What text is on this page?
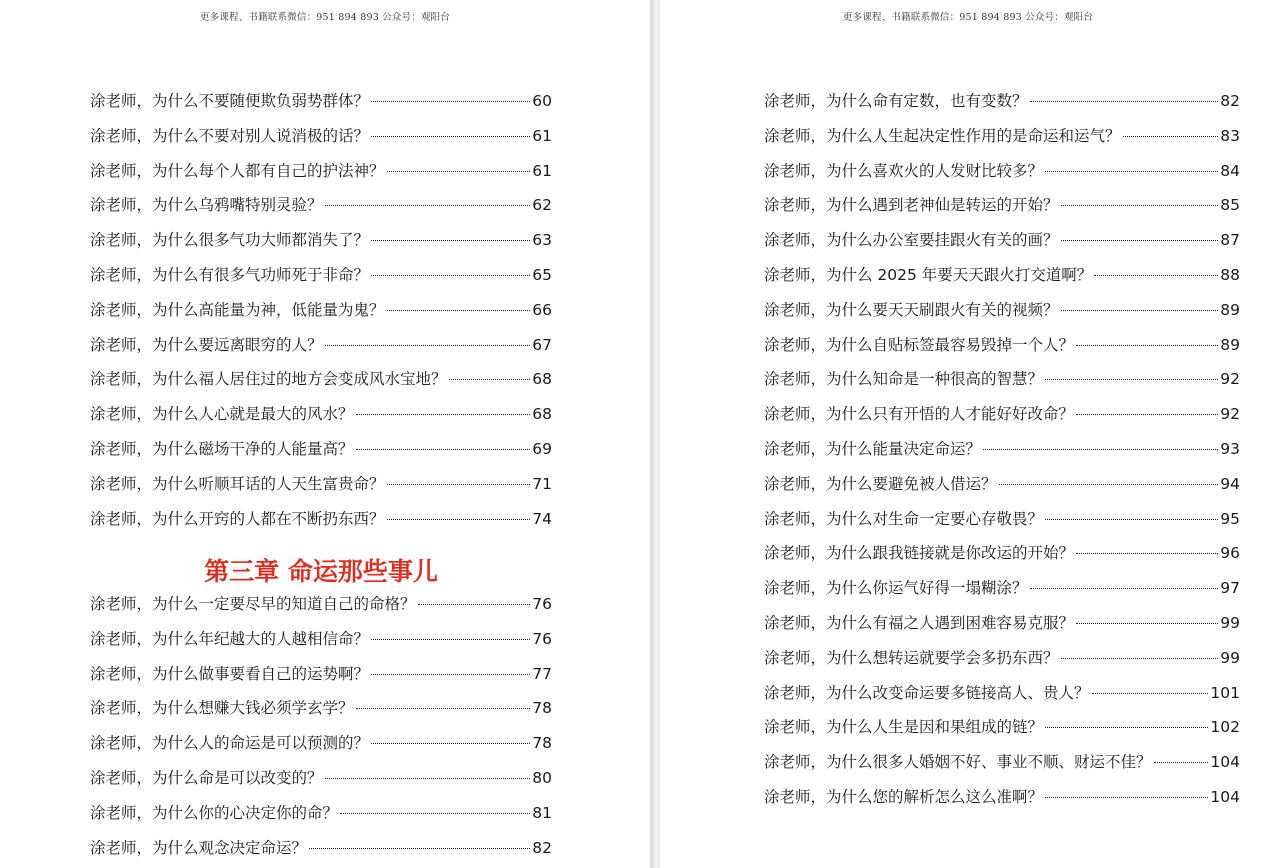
更多课程、书籍联系微信：951 894 893 公众号：观阳台
涂老师，为什么不要随便欺负弱势群体？	60
涂老师，为什么不要对别人说消极的话？	61
涂老师，为什么每个人都有自己的护法神？	61
涂老师，为什么乌鸦嘴特别灵验？	62
涂老师，为什么很多气功大师都消失了？	63
涂老师，为什么有很多气功师死于非命？	65
涂老师，为什么高能量为神，低能量为鬼？	66
涂老师，为什么要远离眼穷的人？	67
涂老师，为什么福人居住过的地方会变成风水宝地？	68
涂老师，为什么人心就是最大的风水？	68
涂老师，为什么磁场干净的人能量高？	69
涂老师，为什么听顺耳话的人天生富贵命？	71
涂老师，为什么开窍的人都在不断扔东西？	74
第三章 命运那些事儿
涂老师，为什么一定要尽早的知道自己的命格？	76
涂老师，为什么年纪越大的人越相信命？	76
涂老师，为什么做事要看自己的运势啊？	77
涂老师，为什么想赚大钱必须学玄学？	78
涂老师，为什么人的命运是可以预测的？	78
涂老师，为什么命是可以改变的？	80
涂老师，为什么你的心决定你的命？	81
涂老师，为什么观念决定命运？	82
更多课程、书籍联系微信：951 894 893 公众号：观阳台
涂老师，为什么命有定数，也有变数？	82
涂老师，为什么人生起决定性作用的是命运和运气？	83
涂老师，为什么喜欢火的人发财比较多？	84
涂老师，为什么遇到老神仙是转运的开始？	85
涂老师，为什么办公室要挂跟火有关的画？	87
涂老师，为什么 2025 年要天天跟火打交道啊？	88
涂老师，为什么要天天刷跟火有关的视频？	89
涂老师，为什么自贴标签最容易毁掉一个人？	89
涂老师，为什么知命是一种很高的智慧？	92
涂老师，为什么只有开悟的人才能好好改命？	92
涂老师，为什么能量决定命运？	93
涂老师，为什么要避免被人借运？	94
涂老师，为什么对生命一定要心存敬畏？	95
涂老师，为什么跟我链接就是你改运的开始？	96
涂老师，为什么你运气好得一塌糊涂？	97
涂老师，为什么有福之人遇到困难容易克服？	99
涂老师，为什么想转运就要学会多扔东西？	99
涂老师，为什么改变命运要多链接高人、贵人？	101
涂老师，为什么人生是因和果组成的链？	102
涂老师，为什么很多人婚姻不好、事业不顺、财运不佳？	104
涂老师，为什么您的解析怎么这么准啊？	104
